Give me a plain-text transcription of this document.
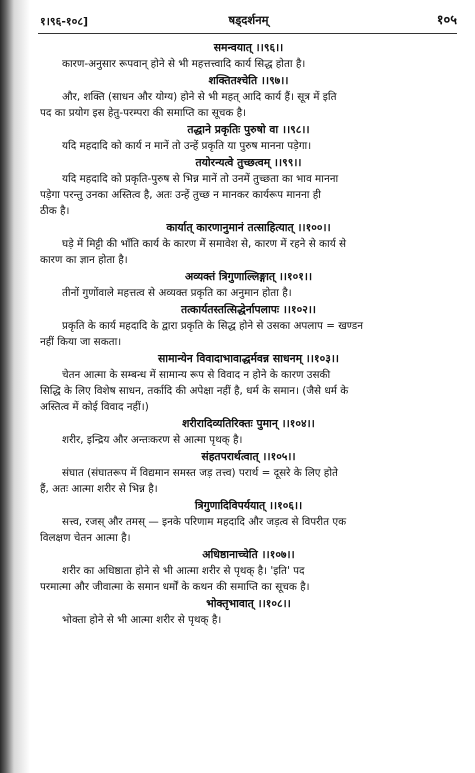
१।९६-१०८]	षड्दर्शनम्	१०५
समन्वयात् ।।९६।।
कारण-अनुसार रूपवान् होने से भी महत्तत्त्वादि कार्य सिद्ध होता है।
शक्तितश्चेति ।।९७।।
और, शक्ति (साधन और योग्य) होने से भी महत् आदि कार्य हैं। सूत्र में इति
पद का प्रयोग इस हेतु-परम्परा की समाप्ति का सूचक है।
तद्धाने प्रकृतिः पुरुषो वा ।।९८।।
यदि महदादि को कार्य न मानें तो उन्हें प्रकृति या पुरुष मानना पड़ेगा।
तयोरन्यत्वे तुच्छत्वम् ।।९९।।
यदि महदादि को प्रकृति-पुरुष से भिन्न मानें तो उनमें तुच्छता का भाव मानना
पड़ेगा परन्तु उनका अस्तित्व है, अतः उन्हें तुच्छ न मानकर कार्यरूप मानना ही
ठीक है।
कार्यात् कारणानुमानं तत्साहित्यात् ।।१००।।
घड़े में मिट्टी की भाँति कार्य के कारण में समावेश से, कारण में रहने से कार्य से
कारण का ज्ञान होता है।
अव्यक्तं त्रिगुणाल्लिङ्गात् ।।१०१।।
तीनों गुणोंवाले महत्तत्व से अव्यक्त प्रकृति का अनुमान होता है।
तत्कार्यतस्तत्सिद्धेर्नापलापः ।।१०२।।
प्रकृति के कार्य महदादि के द्वारा प्रकृति के सिद्ध होने से उसका अपलाप = खण्डन
नहीं किया जा सकता।
सामान्येन विवादाभावाद्धर्मवन्न साधनम् ।।१०३।।
चेतन आत्मा के सम्बन्ध में सामान्य रूप से विवाद न होने के कारण उसकी
सिद्धि के लिए विशेष साधन, तर्कादि की अपेक्षा नहीं है, धर्म के समान। (जैसे धर्म के
अस्तित्व में कोई विवाद नहीं।)
शरीरादिव्यतिरिक्तः पुमान् ।।१०४।।
शरीर, इन्द्रिय और अन्तःकरण से आत्मा पृथक् है।
संहतपरार्थत्वात् ।।१०५।।
संघात (संघातरूप में विद्यमान समस्त जड़ तत्त्व) परार्थ = दूसरे के लिए होते
हैं, अतः आत्मा शरीर से भिन्न है।
त्रिगुणादिविपर्ययात् ।।१०६।।
सत्त्व, रजस् और तमस् — इनके परिणाम महदादि और जड़त्व से विपरीत एक
विलक्षण चेतन आत्मा है।
अधिष्ठानाच्चेति ।।१०७।।
शरीर का अधिष्ठाता होने से भी आत्मा शरीर से पृथक् है। 'इति' पद
परमात्मा और जीवात्मा के समान धर्मों के कथन की समाप्ति का सूचक है।
भोक्तृभावात् ।।१०८।।
भोक्ता होने से भी आत्मा शरीर से पृथक् है।
